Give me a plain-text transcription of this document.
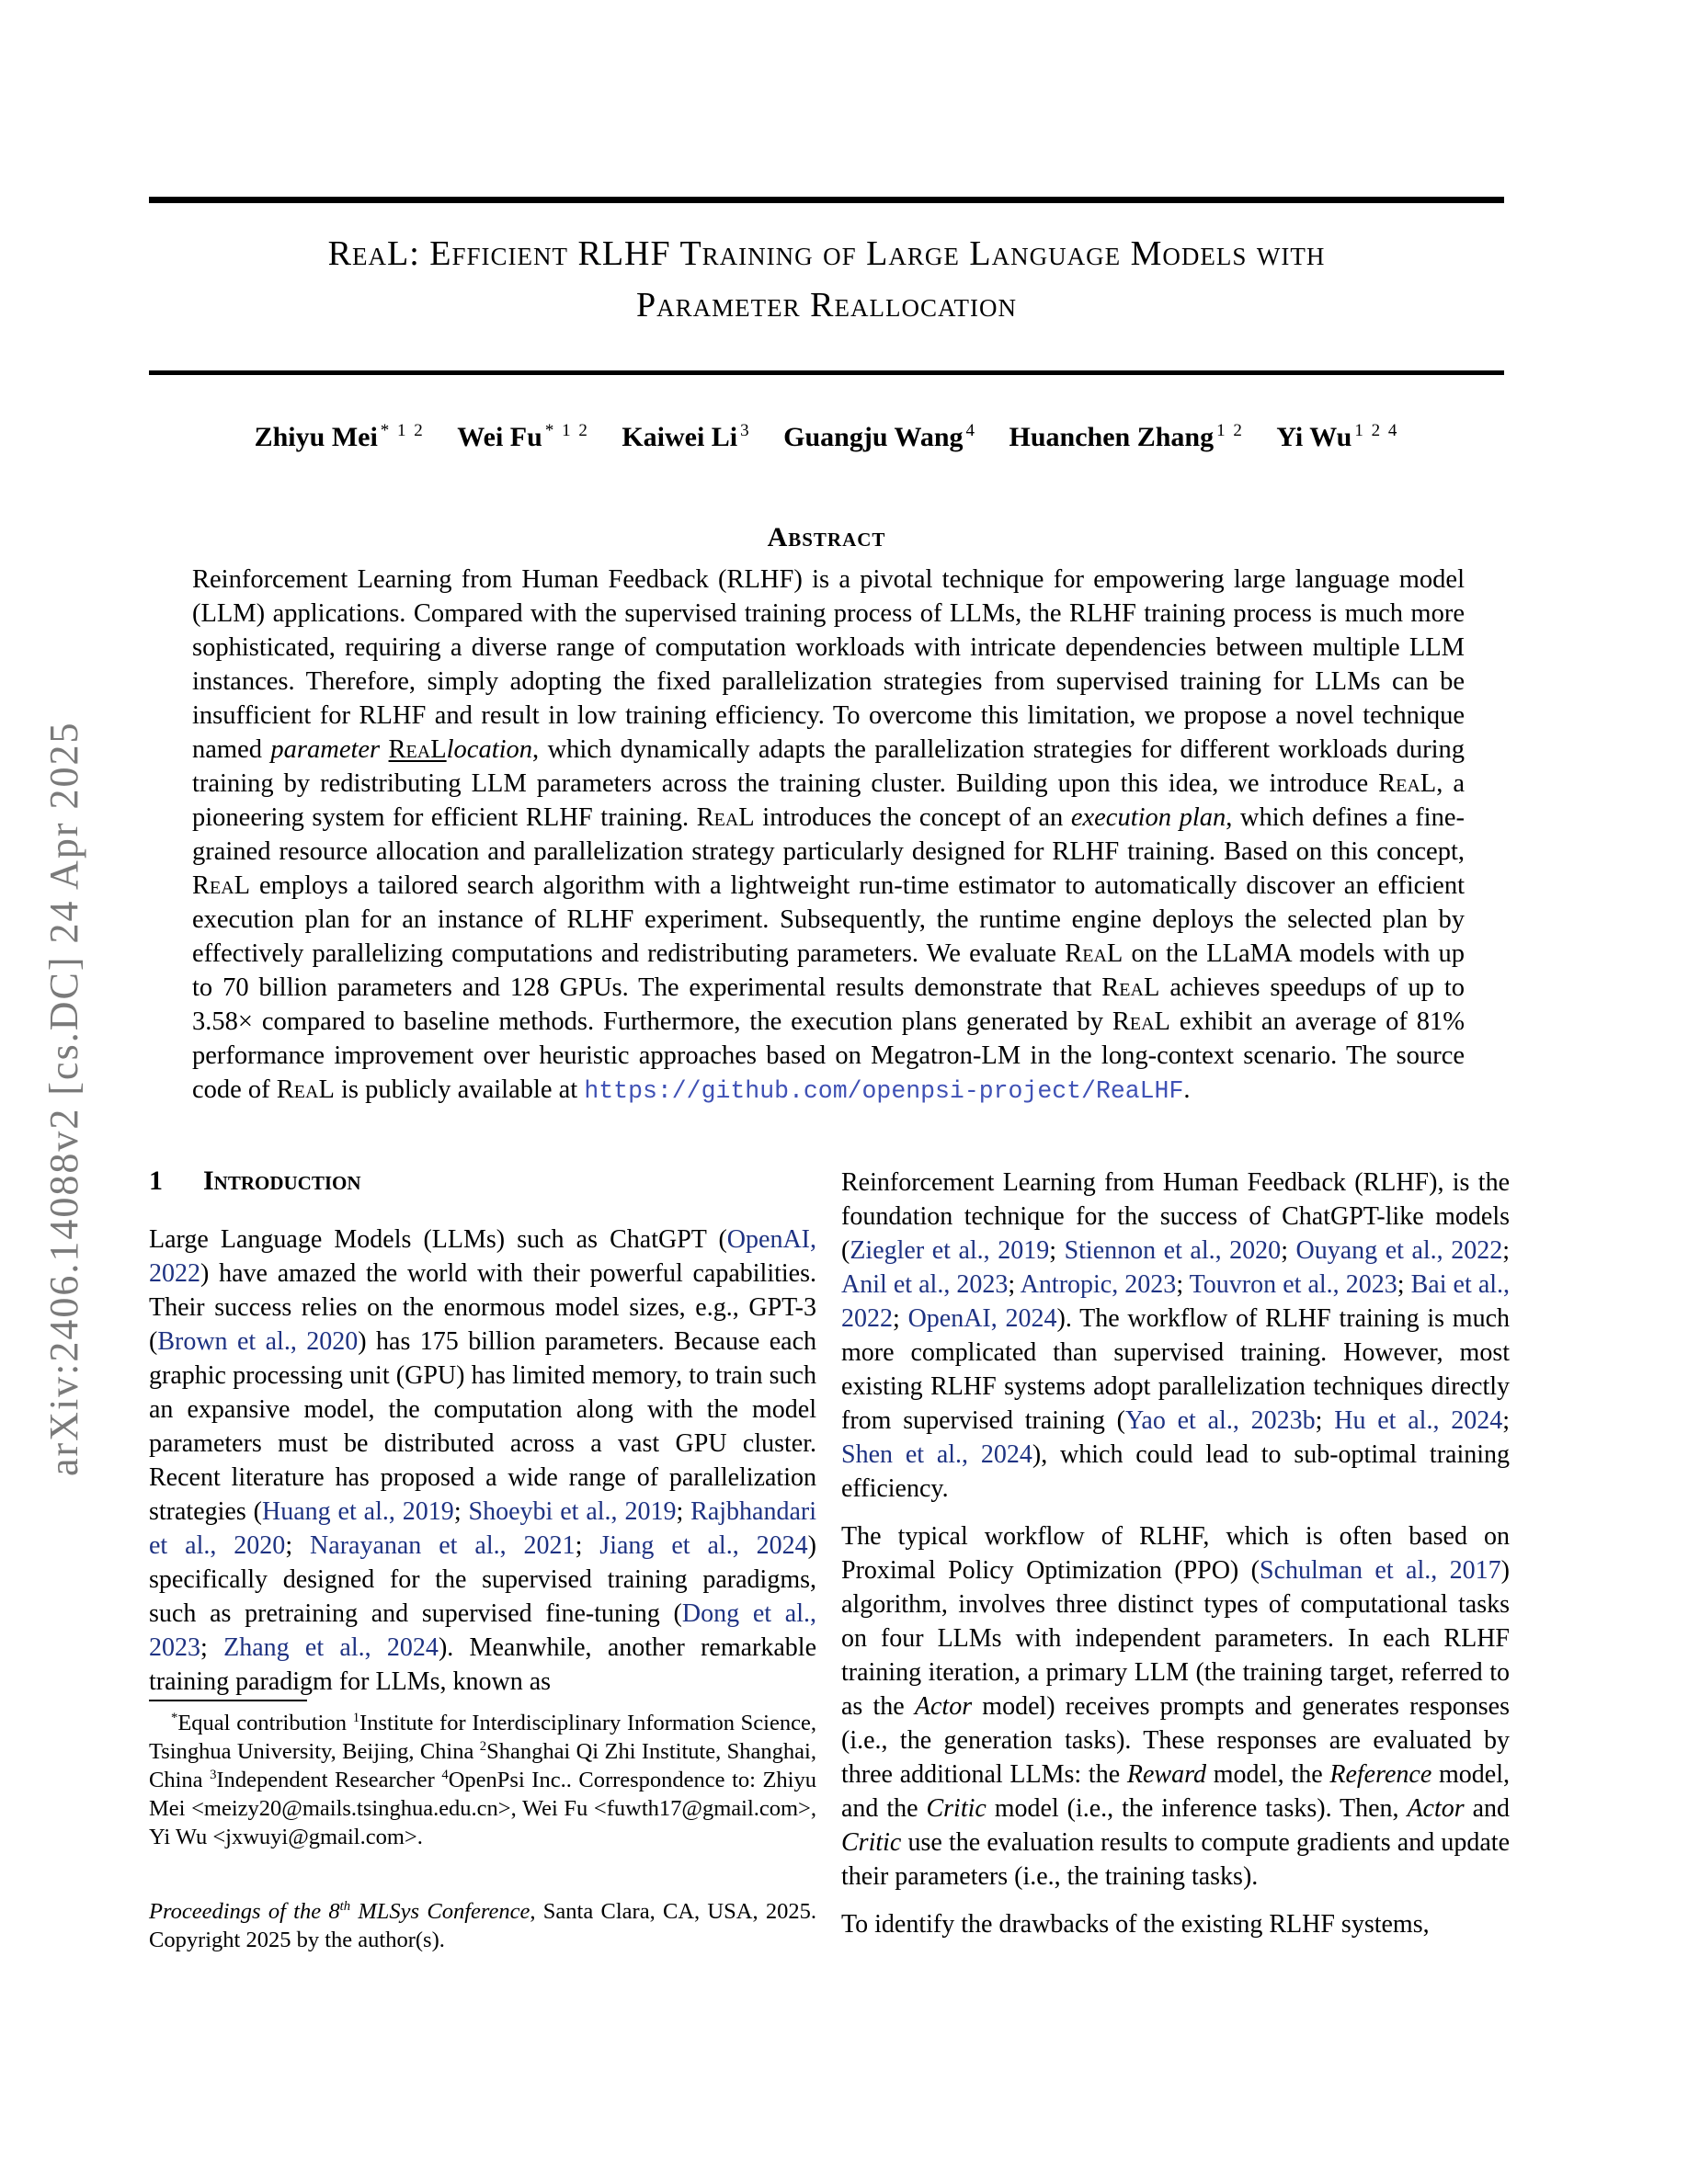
arXiv:2406.14088v2 [cs.DC] 24 Apr 2025
ReaL: Efficient RLHF Training of Large Language Models with
Parameter Reallocation
Zhiyu Mei $^{* 1 2}$ Wei Fu $^{* 1 2}$ Kaiwei Li $^3$ Guangju Wang $^4$ Huanchen Zhang $^{1 2}$ Yi Wu $^{1 2 4}$
Abstract
Reinforcement Learning from Human Feedback (RLHF) is a pivotal technique for empowering large language model (LLM) applications. Compared with the supervised training process of LLMs, the RLHF training process is much more sophisticated, requiring a diverse range of computation workloads with intricate dependencies between multiple LLM instances. Therefore, simply adopting the fixed parallelization strategies from supervised training for LLMs can be insufficient for RLHF and result in low training efficiency. To overcome this limitation, we propose a novel technique named parameter ReaLlocation, which dynamically adapts the parallelization strategies for different workloads during training by redistributing LLM parameters across the training cluster. Building upon this idea, we introduce ReaL, a pioneering system for efficient RLHF training. ReaL introduces the concept of an execution plan, which defines a fine-grained resource allocation and parallelization strategy particularly designed for RLHF training. Based on this concept, ReaL employs a tailored search algorithm with a lightweight run-time estimator to automatically discover an efficient execution plan for an instance of RLHF experiment. Subsequently, the runtime engine deploys the selected plan by effectively parallelizing computations and redistributing parameters. We evaluate ReaL on the LLaMA models with up to 70 billion parameters and 128 GPUs. The experimental results demonstrate that ReaL achieves speedups of up to 3.58× compared to baseline methods. Furthermore, the execution plans generated by ReaL exhibit an average of 81% performance improvement over heuristic approaches based on Megatron-LM in the long-context scenario. The source code of ReaL is publicly available at https://github.com/openpsi-project/ReaLHF.
1 Introduction
Large Language Models (LLMs) such as ChatGPT (OpenAI, 2022) have amazed the world with their powerful capabilities. Their success relies on the enormous model sizes, e.g., GPT-3 (Brown et al., 2020) has 175 billion parameters. Because each graphic processing unit (GPU) has limited memory, to train such an expansive model, the computation along with the model parameters must be distributed across a vast GPU cluster. Recent literature has proposed a wide range of parallelization strategies (Huang et al., 2019; Shoeybi et al., 2019; Rajbhandari et al., 2020; Narayanan et al., 2021; Jiang et al., 2024) specifically designed for the supervised training paradigms, such as pretraining and supervised fine-tuning (Dong et al., 2023; Zhang et al., 2024). Meanwhile, another remarkable training paradigm for LLMs, known as
*Equal contribution $^1$Institute for Interdisciplinary Information Science, Tsinghua University, Beijing, China $^2$Shanghai Qi Zhi Institute, Shanghai, China $^3$Independent Researcher $^4$OpenPsi Inc.. Correspondence to: Zhiyu Mei <meizy20@mails.tsinghua.edu.cn>, Wei Fu <fuwth17@gmail.com>, Yi Wu <jxwuyi@gmail.com>.
Proceedings of the 8th MLSys Conference, Santa Clara, CA, USA, 2025. Copyright 2025 by the author(s).

Reinforcement Learning from Human Feedback (RLHF), is the foundation technique for the success of ChatGPT-like models (Ziegler et al., 2019; Stiennon et al., 2020; Ouyang et al., 2022; Anil et al., 2023; Antropic, 2023; Touvron et al., 2023; Bai et al., 2022; OpenAI, 2024). The workflow of RLHF training is much more complicated than supervised training. However, most existing RLHF systems adopt parallelization techniques directly from supervised training (Yao et al., 2023b; Hu et al., 2024; Shen et al., 2024), which could lead to sub-optimal training efficiency.

The typical workflow of RLHF, which is often based on Proximal Policy Optimization (PPO) (Schulman et al., 2017) algorithm, involves three distinct types of computational tasks on four LLMs with independent parameters. In each RLHF training iteration, a primary LLM (the training target, referred to as the Actor model) receives prompts and generates responses (i.e., the generation tasks). These responses are evaluated by three additional LLMs: the Reward model, the Reference model, and the Critic model (i.e., the inference tasks). Then, Actor and Critic use the evaluation results to compute gradients and update their parameters (i.e., the training tasks).

To identify the drawbacks of the existing RLHF systems,
